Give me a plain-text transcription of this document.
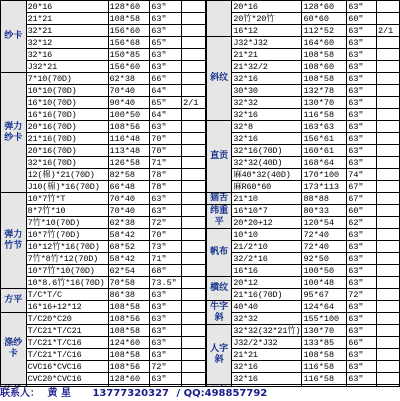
纱卡	20*16	128*60	63"	
	21*21	108*58	63"	
	32*21	156*60	63"	
	32*12	156*68	65"	
	32*16	150*85	63"	
	J32*21	156*60	63"	
弹力纱卡	7*10(70D)	62*38	66"	
	10*10(70D)	70*40	64"	
	16*10(70D)	90*40	65"	2/1
	16*16(70D)	100*50	64"	
	20*16(70D)	108*56	63"	
	21*16(70D)	116*48	70"	
	20*16(70D)	113*48	70"	
	32*16(70D)	126*58	71"	
	12(棉)*21(70D)	82*58	78"	
	J10(棉)*16(70D)	66*48	78"	
弹力竹节	10*7竹*T	70*40	63"	
	8*7竹*10	70*40	63"	
	7竹*10(70D)	62*38	72"	
	10*7竹(70D)	58*42	70"	
	10*12竹*16(70D)	68*52	73"	
	7竹*8竹*12(70D)	58*42	71"	
	10*7竹*10(70D)	62*54	68"	
	10*8.6竹*16(70D)	70*58	73.5"	
方平	T/C*T/C	86*38	63"	
	16*16+12*12	108*58	63"	
涤纱卡	T/C20*C20	108*56	63"	
	T/C21*T/C21	108*58	63"	
	T/C21*T/C16	124*60	63"	
	T/C21*T/C16	108*58	63"	
	CVC16*CVC16	108*56	72"	
	CVC20*CVC16	128*60	63"	

	20*16	128*60	63"	
	20竹*20竹	60*60	60"	
	16*12	112*52	63"	2/1
斜纹	J32*J32	164*60	63"	
	21*21	108*58	63"	
	21*32/2	108*60	63"	
	32*16	108*58	63"	
	30*30	132*78	63"	
	32*32	130*70	63"	
	32*16	116*58	63"	
直贡	32*8	163*63	63"	
	32*16	156*61	63"	
	32*16(70D)	160*61	63"	
	32*32(40D)	168*64	63"	
	麻40*32(40D)	170*100	74"	
	麻R60*60	173*113	67"	
猫舌	21*10	88*88	67"	
纬重平	16*10*7	80*33	60"	
	20*20+12	120*54	62"	
帆布	10*10	72*40	63"	
	21/2*10	72*40	63"	
	32/2*16	92*50	63"	
	16*16	100*50	63"	
横纹	20*12	100*48	63"	
	21*16(70D)	95*67	72"	
牛字斜	40*40	124*64	63"	
	32*32	155*100	63"	
人字斜	32*32(32*21竹)	130*70	63"	
	J32/2*J32	133*85	66"	
	21*21	108*58	63"	
	32*16	116*58	63"	
	32*16	116*58	63"	

联系人： 黄 星 13777320327 / QQ:498857792
